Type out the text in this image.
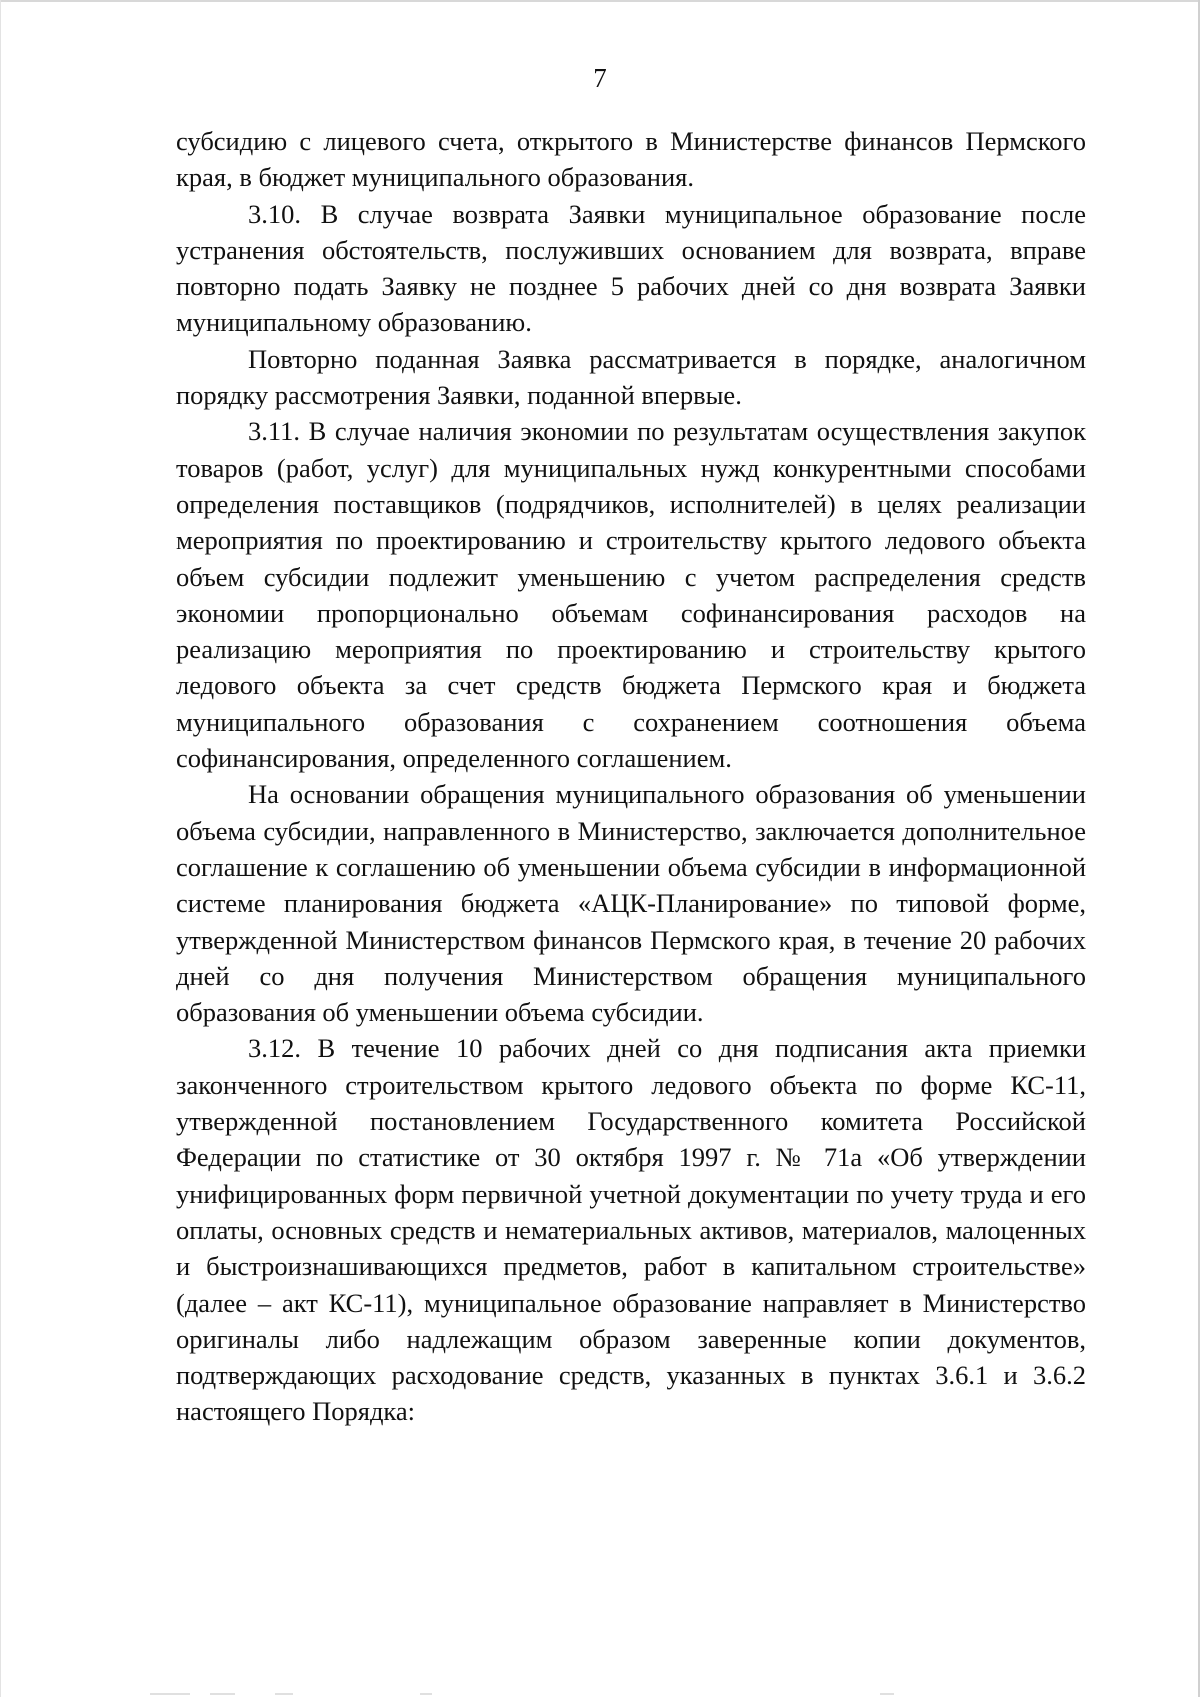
7

субсидию с лицевого счета, открытого в Министерстве финансов Пермского края, в бюджет муниципального образования.

3.10. В случае возврата Заявки муниципальное образование после устранения обстоятельств, послуживших основанием для возврата, вправе повторно подать Заявку не позднее 5 рабочих дней со дня возврата Заявки муниципальному образованию.

Повторно поданная Заявка рассматривается в порядке, аналогичном порядку рассмотрения Заявки, поданной впервые.

3.11. В случае наличия экономии по результатам осуществления закупок товаров (работ, услуг) для муниципальных нужд конкурентными способами определения поставщиков (подрядчиков, исполнителей) в целях реализации мероприятия по проектированию и строительству крытого ледового объекта объем субсидии подлежит уменьшению с учетом распределения средств экономии пропорционально объемам софинансирования расходов на реализацию мероприятия по проектированию и строительству крытого ледового объекта за счет средств бюджета Пермского края и бюджета муниципального образования с сохранением соотношения объема софинансирования, определенного соглашением.

На основании обращения муниципального образования об уменьшении объема субсидии, направленного в Министерство, заключается дополнительное соглашение к соглашению об уменьшении объема субсидии в информационной системе планирования бюджета «АЦК-Планирование» по типовой форме, утвержденной Министерством финансов Пермского края, в течение 20 рабочих дней со дня получения Министерством обращения муниципального образования об уменьшении объема субсидии.

3.12. В течение 10 рабочих дней со дня подписания акта приемки законченного строительством крытого ледового объекта по форме КС-11, утвержденной постановлением Государственного комитета Российской Федерации по статистике от 30 октября 1997 г. № 71а «Об утверждении унифицированных форм первичной учетной документации по учету труда и его оплаты, основных средств и нематериальных активов, материалов, малоценных и быстроизнашивающихся предметов, работ в капитальном строительстве» (далее – акт КС-11), муниципальное образование направляет в Министерство оригиналы либо надлежащим образом заверенные копии документов, подтверждающих расходование средств, указанных в пунктах 3.6.1 и 3.6.2 настоящего Порядка:
